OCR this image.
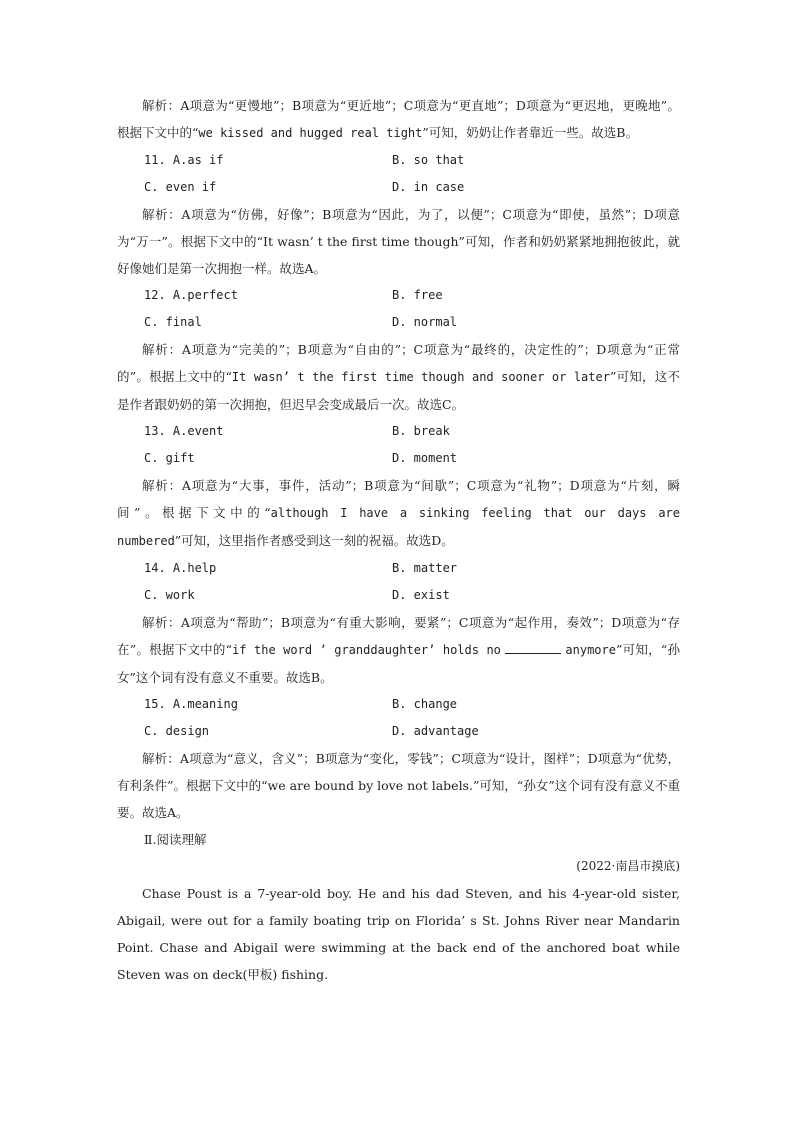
解析：A项意为“更慢地”；B项意为“更近地”；C项意为“更直地”；D项意为“更迟地，更晚地”。根据下文中的“we kissed and hugged real tight”可知，奶奶让作者靠近一些。故选B。
11. A.as if	B. so that
C. even if	D. in case
解析：A项意为“仿佛，好像”；B项意为“因此，为了，以便”；C项意为“即使，虽然”；D项意为“万一”。根据下文中的“It wasn’ t the first time though”可知，作者和奶奶紧紧地拥抱彼此，就好像她们是第一次拥抱一样。故选A。
12. A.perfect	B. free
C. final	D. normal
解析：A项意为“完美的”；B项意为“自由的”；C项意为“最终的，决定性的”；D项意为“正常的”。根据上文中的“It wasn’ t the first time though and sooner or later”可知，这不是作者跟奶奶的第一次拥抱，但迟早会变成最后一次。故选C。
13. A.event	B. break
C. gift	D. moment
解析：A项意为“大事，事件，活动”；B项意为“间歇”；C项意为“礼物”；D项意为“片刻，瞬间”。根据下文中的“although I have a sinking feeling that our days are numbered”可知，这里指作者感受到这一刻的祝福。故选D。
14. A.help	B. matter
C. work	D. exist
解析：A项意为“帮助”；B项意为“有重大影响，要紧”；C项意为“起作用，奏效”；D项意为“存在”。根据下文中的“if the word ’ granddaughter’ holds no	anymore”可知，“孙女”这个词有没有意义不重要。故选B。
15. A.meaning	B. change
C. design	D. advantage
解析：A项意为“意义，含义”；B项意为“变化，零钱”；C项意为“设计，图样”；D项意为“优势，有利条件”。根据下文中的“we are bound by love not labels.”可知，“孙女”这个词有没有意义不重要。故选A。
Ⅱ.阅读理解
(2022·南昌市摸底)
Chase Poust is a 7-year-old boy. He and his dad Steven, and his 4-year-old sister, Abigail, were out for a family boating trip on Florida’ s St. Johns River near Mandarin Point. Chase and Abigail were swimming at the back end of the anchored boat while Steven was on deck(甲板) fishing.
